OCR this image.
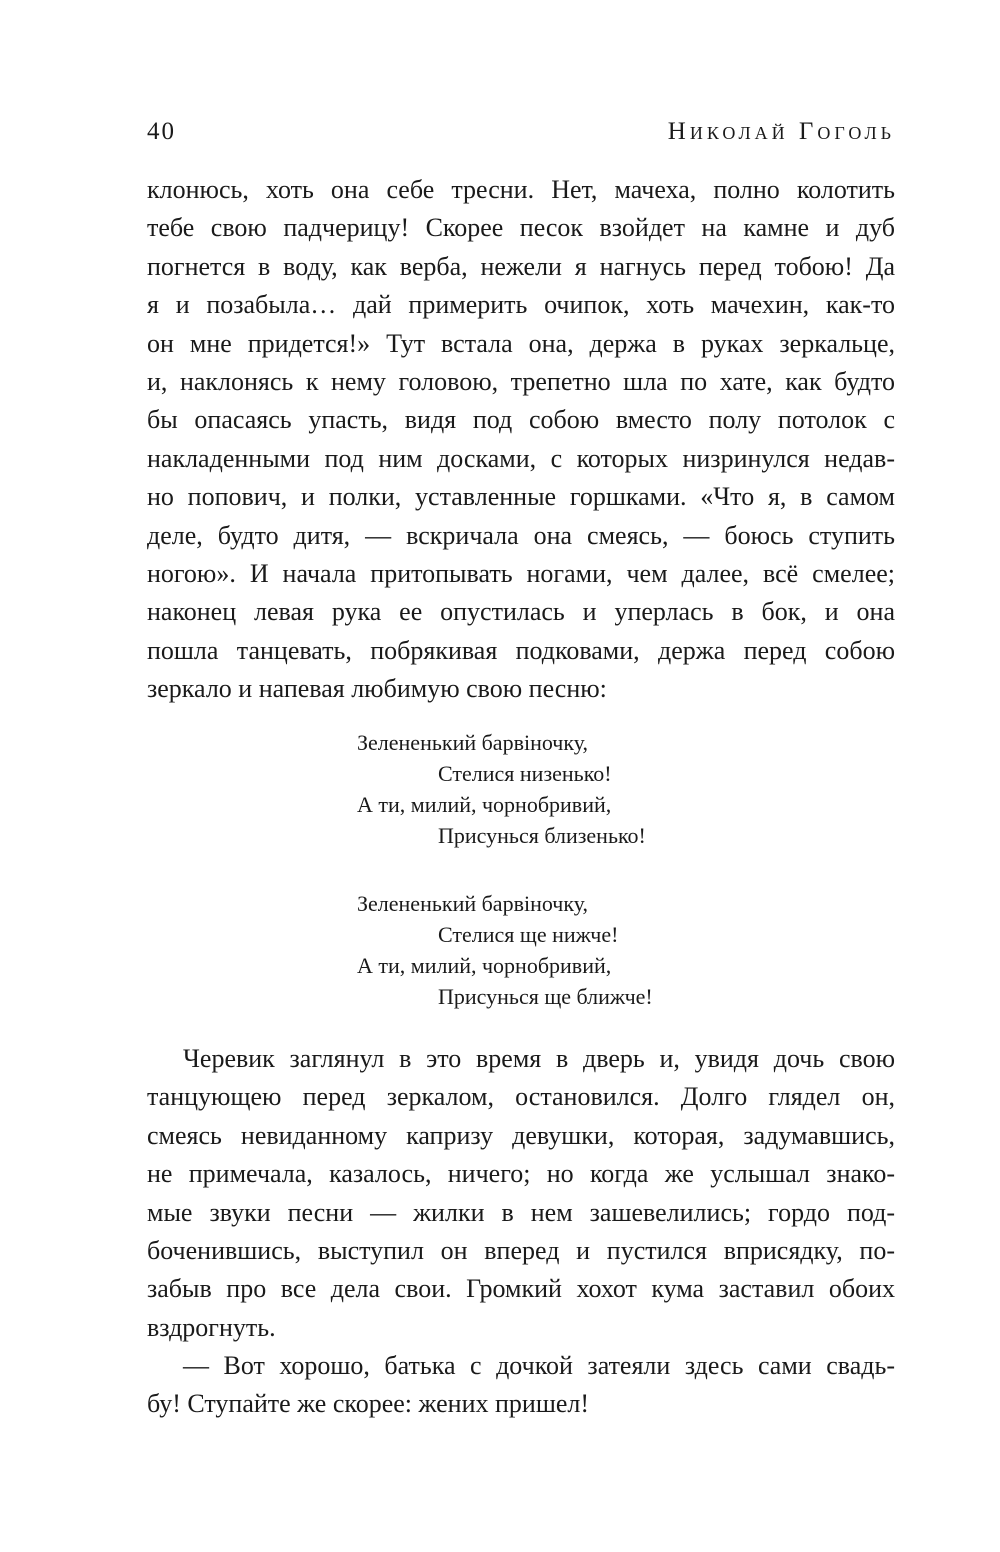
40	Николай Гоголь

клонюсь, хоть она себе тресни. Нет, мачеха, полно колотить
тебе свою падчерицу! Скорее песок взойдет на камне и дуб
погнется в воду, как верба, нежели я нагнусь перед тобою! Да
я и позабыла… дай примерить очипок, хоть мачехин, как-то
он мне придется!» Тут встала она, держа в руках зеркальце,
и, наклонясь к нему головою, трепетно шла по хате, как будто
бы опасаясь упасть, видя под собою вместо полу потолок с
накладенными под ним досками, с которых низринулся недав-
но попович, и полки, уставленные горшками. «Что я, в самом
деле, будто дитя, — вскричала она смеясь, — боюсь ступить
ногою». И начала притопывать ногами, чем далее, всё смелее;
наконец левая рука ее опустилась и уперлась в бок, и она
пошла танцевать, побрякивая подковами, держа перед собою
зеркало и напевая любимую свою песню:

Зелененький барвіночку,
Стелися низенько!
А ти, милий, чорнобривий,
Присунься близенько!

Зелененький барвіночку,
Стелися ще нижче!
А ти, милий, чорнобривий,
Присунься ще ближче!

Черевик заглянул в это время в дверь и, увидя дочь свою
танцующею перед зеркалом, остановился. Долго глядел он,
смеясь невиданному капризу девушки, которая, задумавшись,
не примечала, казалось, ничего; но когда же услышал знако-
мые звуки песни — жилки в нем зашевелились; гордо под-
боченившись, выступил он вперед и пустился вприсядку, по-
забыв про все дела свои. Громкий хохот кума заставил обоих
вздрогнуть.

— Вот хорошо, батька с дочкой затеяли здесь сами свадь-
бу! Ступайте же скорее: жених пришел!
